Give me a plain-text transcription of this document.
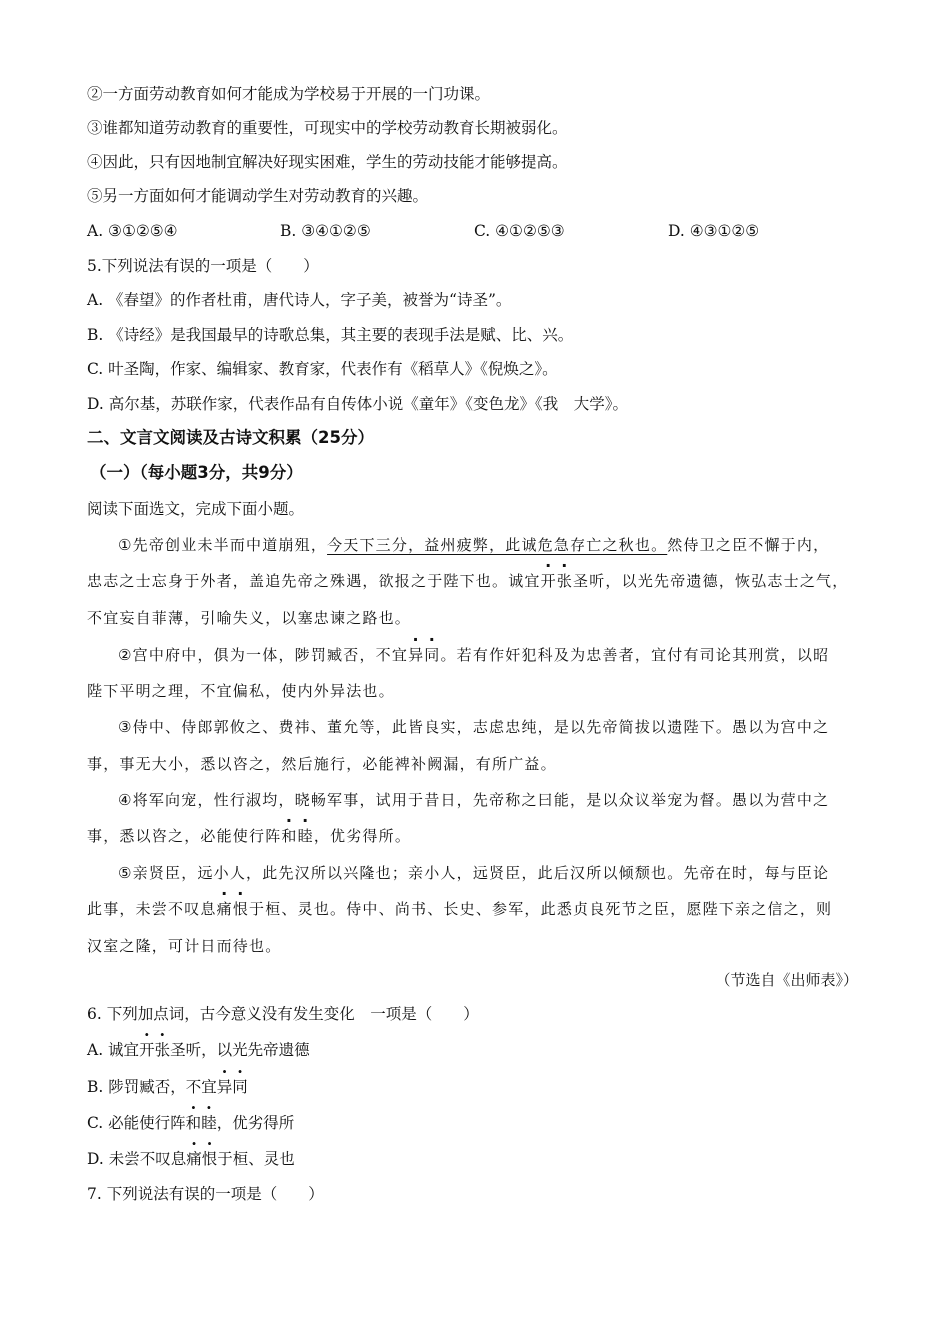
②一方面劳动教育如何才能成为学校易于开展的一门功课。
③谁都知道劳动教育的重要性，可现实中的学校劳动教育长期被弱化。
④因此，只有因地制宜解决好现实困难，学生的劳动技能才能够提高。
⑤另一方面如何才能调动学生对劳动教育的兴趣。
A. ③①②⑤④	B. ③④①②⑤	C. ④①②⑤③	D. ④③①②⑤
5.下列说法有误的一项是（　　）
A. 《春望》的作者杜甫，唐代诗人，字子美，被誉为“诗圣”。
B. 《诗经》是我国最早的诗歌总集，其主要的表现手法是赋、比、兴。
C. 叶圣陶，作家、编辑家、教育家，代表作有《稻草人》《倪焕之》。
D. 高尔基，苏联作家，代表作品有自传体小说《童年》《变色龙》《我　大学》。
二、文言文阅读及古诗文积累（25分）
（一）（每小题3分，共9分）
阅读下面选文，完成下面小题。
①先帝创业未半而中道崩殂，今天下三分，益州疲弊，此诚危急存亡之秋也。然侍卫之臣不懈于内，
忠志之士忘身于外者，盖追先帝之殊遇，欲报之于陛下也。诚宜开张圣听，以光先帝遗德，恢弘志士之气，
不宜妄自菲薄，引喻失义，以塞忠谏之路也。
②宫中府中，俱为一体，陟罚臧否，不宜异同。若有作奸犯科及为忠善者，宜付有司论其刑赏，以昭
陛下平明之理，不宜偏私，使内外异法也。
③侍中、侍郎郭攸之、费祎、董允等，此皆良实，志虑忠纯，是以先帝简拔以遗陛下。愚以为宫中之
事，事无大小，悉以咨之，然后施行，必能裨补阙漏，有所广益。
④将军向宠，性行淑均，晓畅军事，试用于昔日，先帝称之曰能，是以众议举宠为督。愚以为营中之
事，悉以咨之，必能使行阵和睦，优劣得所。
⑤亲贤臣，远小人，此先汉所以兴隆也；亲小人，远贤臣，此后汉所以倾颓也。先帝在时，每与臣论
此事，未尝不叹息痛恨于桓、灵也。侍中、尚书、长史、参军，此悉贞良死节之臣，愿陛下亲之信之，则
汉室之隆，可计日而待也。
（节选自《出师表》）
6. 下列加点词，古今意义没有发生变化　一项是（　　）
A. 诚宜开张圣听，以光先帝遗德
B. 陟罚臧否，不宜异同
C. 必能使行阵和睦，优劣得所
D. 未尝不叹息痛恨于桓、灵也
7. 下列说法有误的一项是（　　）
